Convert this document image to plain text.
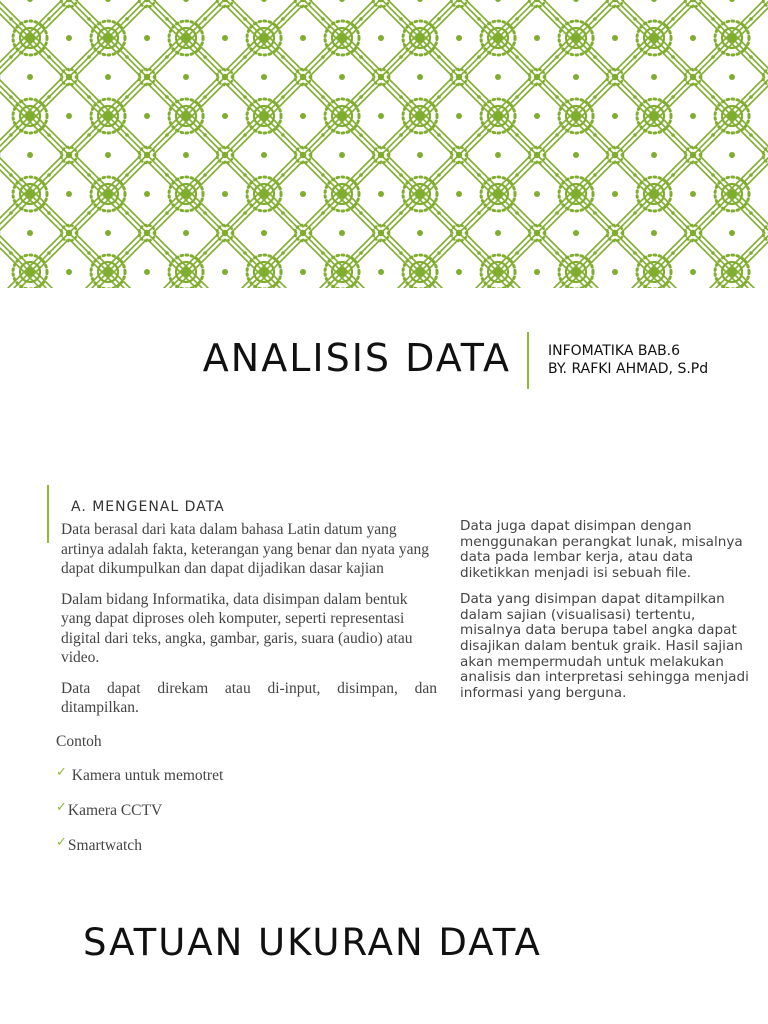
ANALISIS DATA	INFOMATIKA BAB.6
BY. RAFKI AHMAD, S.Pd
A. MENGENAL DATA

Data berasal dari kata dalam bahasa Latin datum yang artinya adalah fakta, keterangan yang benar dan nyata yang dapat dikumpulkan dan dapat dijadikan dasar kajian

Dalam bidang Informatika, data disimpan dalam bentuk yang dapat diproses oleh komputer, seperti representasi digital dari teks, angka, gambar, garis, suara (audio) atau video.

Data dapat direkam atau di-input, disimpan, dan ditampilkan.

Contoh
✓ Kamera untuk memotret
✓Kamera CCTV
✓Smartwatch

Data juga dapat disimpan dengan menggunakan perangkat lunak, misalnya data pada lembar kerja, atau data diketikkan menjadi isi sebuah file.

Data yang disimpan dapat ditampilkan dalam sajian (visualisasi) tertentu, misalnya data berupa tabel angka dapat disajikan dalam bentuk graik. Hasil sajian akan mempermudah untuk melakukan analisis dan interpretasi sehingga menjadi informasi yang berguna.

SATUAN UKURAN DATA
